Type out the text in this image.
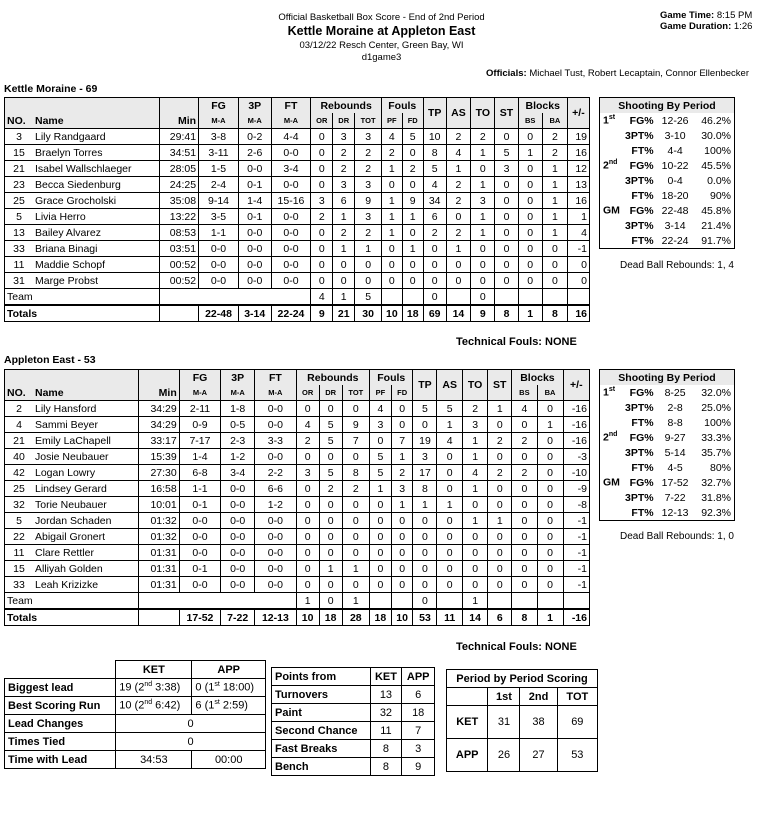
Official Basketball Box Score - End of 2nd Period
Kettle Moraine at Appleton East
03/12/22 Resch Center, Green Bay, WI
d1game3
Game Time: 8:15 PM
Game Duration: 1:26
Officials: Michael Tust, Robert Lecaptain, Connor Ellenbecker
Kettle Moraine - 69
			FG	3P	FT	Rebounds			Fouls		TP	AS	TO	ST	Blocks		+/-
NO.	Name	Min	M-A	M-A	M-A	OR	DR	TOT	PF	FD					BS	BA	
3	Lily Randgaard	29:41	3-8	0-2	4-4	0	3	3	4	5	10	2	2	0	0	2	19
15	Braelyn Torres	34:51	3-11	2-6	0-0	0	2	2	2	0	8	4	1	5	1	2	16
21	Isabel Wallschlaeger	28:05	1-5	0-0	3-4	0	2	2	1	2	5	1	0	3	0	1	12
23	Becca Siedenburg	24:25	2-4	0-1	0-0	0	3	3	0	0	4	2	1	0	0	1	13
25	Grace Grocholski	35:08	9-14	1-4	15-16	3	6	9	1	9	34	2	3	0	0	1	16
5	Livia Herro	13:22	3-5	0-1	0-0	2	1	3	1	1	6	0	1	0	0	1	1
13	Bailey Alvarez	08:53	1-1	0-0	0-0	0	2	2	1	0	2	2	1	0	0	1	4
33	Briana Binagi	03:51	0-0	0-0	0-0	0	1	1	0	1	0	1	0	0	0	0	-1
11	Maddie Schopf	00:52	0-0	0-0	0-0	0	0	0	0	0	0	0	0	0	0	0	0
31	Marge Probst	00:52	0-0	0-0	0-0	0	0	0	0	0	0	0	0	0	0	0	0
Team						4	1	5			0		0				
Totals			22-48	3-14	22-24	9	21	30	10	18	69	14	9	8	1	8	16
Technical Fouls: NONE
Shooting By Period			
1st	FG%	12-26	46.2%
	3PT%	3-10	30.0%
	FT%	4-4	100%
2nd	FG%	10-22	45.5%
	3PT%	0-4	0.0%
	FT%	18-20	90%
GM	FG%	22-48	45.8%
	3PT%	3-14	21.4%
	FT%	22-24	91.7%
Dead Ball Rebounds: 1, 4
Appleton East - 53
			FG	3P	FT	Rebounds			Fouls		TP	AS	TO	ST	Blocks		+/-
NO.	Name	Min	M-A	M-A	M-A	OR	DR	TOT	PF	FD					BS	BA	
2	Lily Hansford	34:29	2-11	1-8	0-0	0	0	0	4	0	5	5	2	1	4	0	-16
4	Sammi Beyer	34:29	0-9	0-5	0-0	4	5	9	3	0	0	1	3	0	0	1	-16
21	Emily LaChapell	33:17	7-17	2-3	3-3	2	5	7	0	7	19	4	1	2	2	0	-16
40	Josie Neubauer	15:39	1-4	1-2	0-0	0	0	0	5	1	3	0	1	0	0	0	-3
42	Logan Lowry	27:30	6-8	3-4	2-2	3	5	8	5	2	17	0	4	2	2	0	-10
25	Lindsey Gerard	16:58	1-1	0-0	6-6	0	2	2	1	3	8	0	1	0	0	0	-9
32	Torie Neubauer	10:01	0-1	0-0	1-2	0	0	0	0	1	1	1	0	0	0	0	-8
5	Jordan Schaden	01:32	0-0	0-0	0-0	0	0	0	0	0	0	0	1	1	0	0	-1
22	Abigail Gronert	01:32	0-0	0-0	0-0	0	0	0	0	0	0	0	0	0	0	0	-1
11	Clare Rettler	01:31	0-0	0-0	0-0	0	0	0	0	0	0	0	0	0	0	0	-1
15	Alliyah Golden	01:31	0-1	0-0	0-0	0	1	1	0	0	0	0	0	0	0	0	-1
33	Leah Krizizke	01:31	0-0	0-0	0-0	0	0	0	0	0	0	0	0	0	0	0	-1
Team						1	0	1			0		1				
Totals			17-52	7-22	12-13	10	18	28	18	10	53	11	14	6	8	1	-16
Technical Fouls: NONE
Shooting By Period			
1st	FG%	8-25	32.0%
	3PT%	2-8	25.0%
	FT%	8-8	100%
2nd	FG%	9-27	33.3%
	3PT%	5-14	35.7%
	FT%	4-5	80%
GM	FG%	17-52	32.7%
	3PT%	7-22	31.8%
	FT%	12-13	92.3%
Dead Ball Rebounds: 1, 0
	KET	APP
Biggest lead	19 (2nd 3:38)	0 (1st 18:00)
Best Scoring Run	10 (2nd 6:42)	6 (1st 2:59)
Lead Changes	0	
Times Tied	0	
Time with Lead	34:53	00:00
Points from	KET	APP
Turnovers	13	6
Paint	32	18
Second Chance	11	7
Fast Breaks	8	3
Bench	8	9
Period by Period Scoring			
	1st	2nd	TOT
KET	31	38	69
APP	26	27	53
